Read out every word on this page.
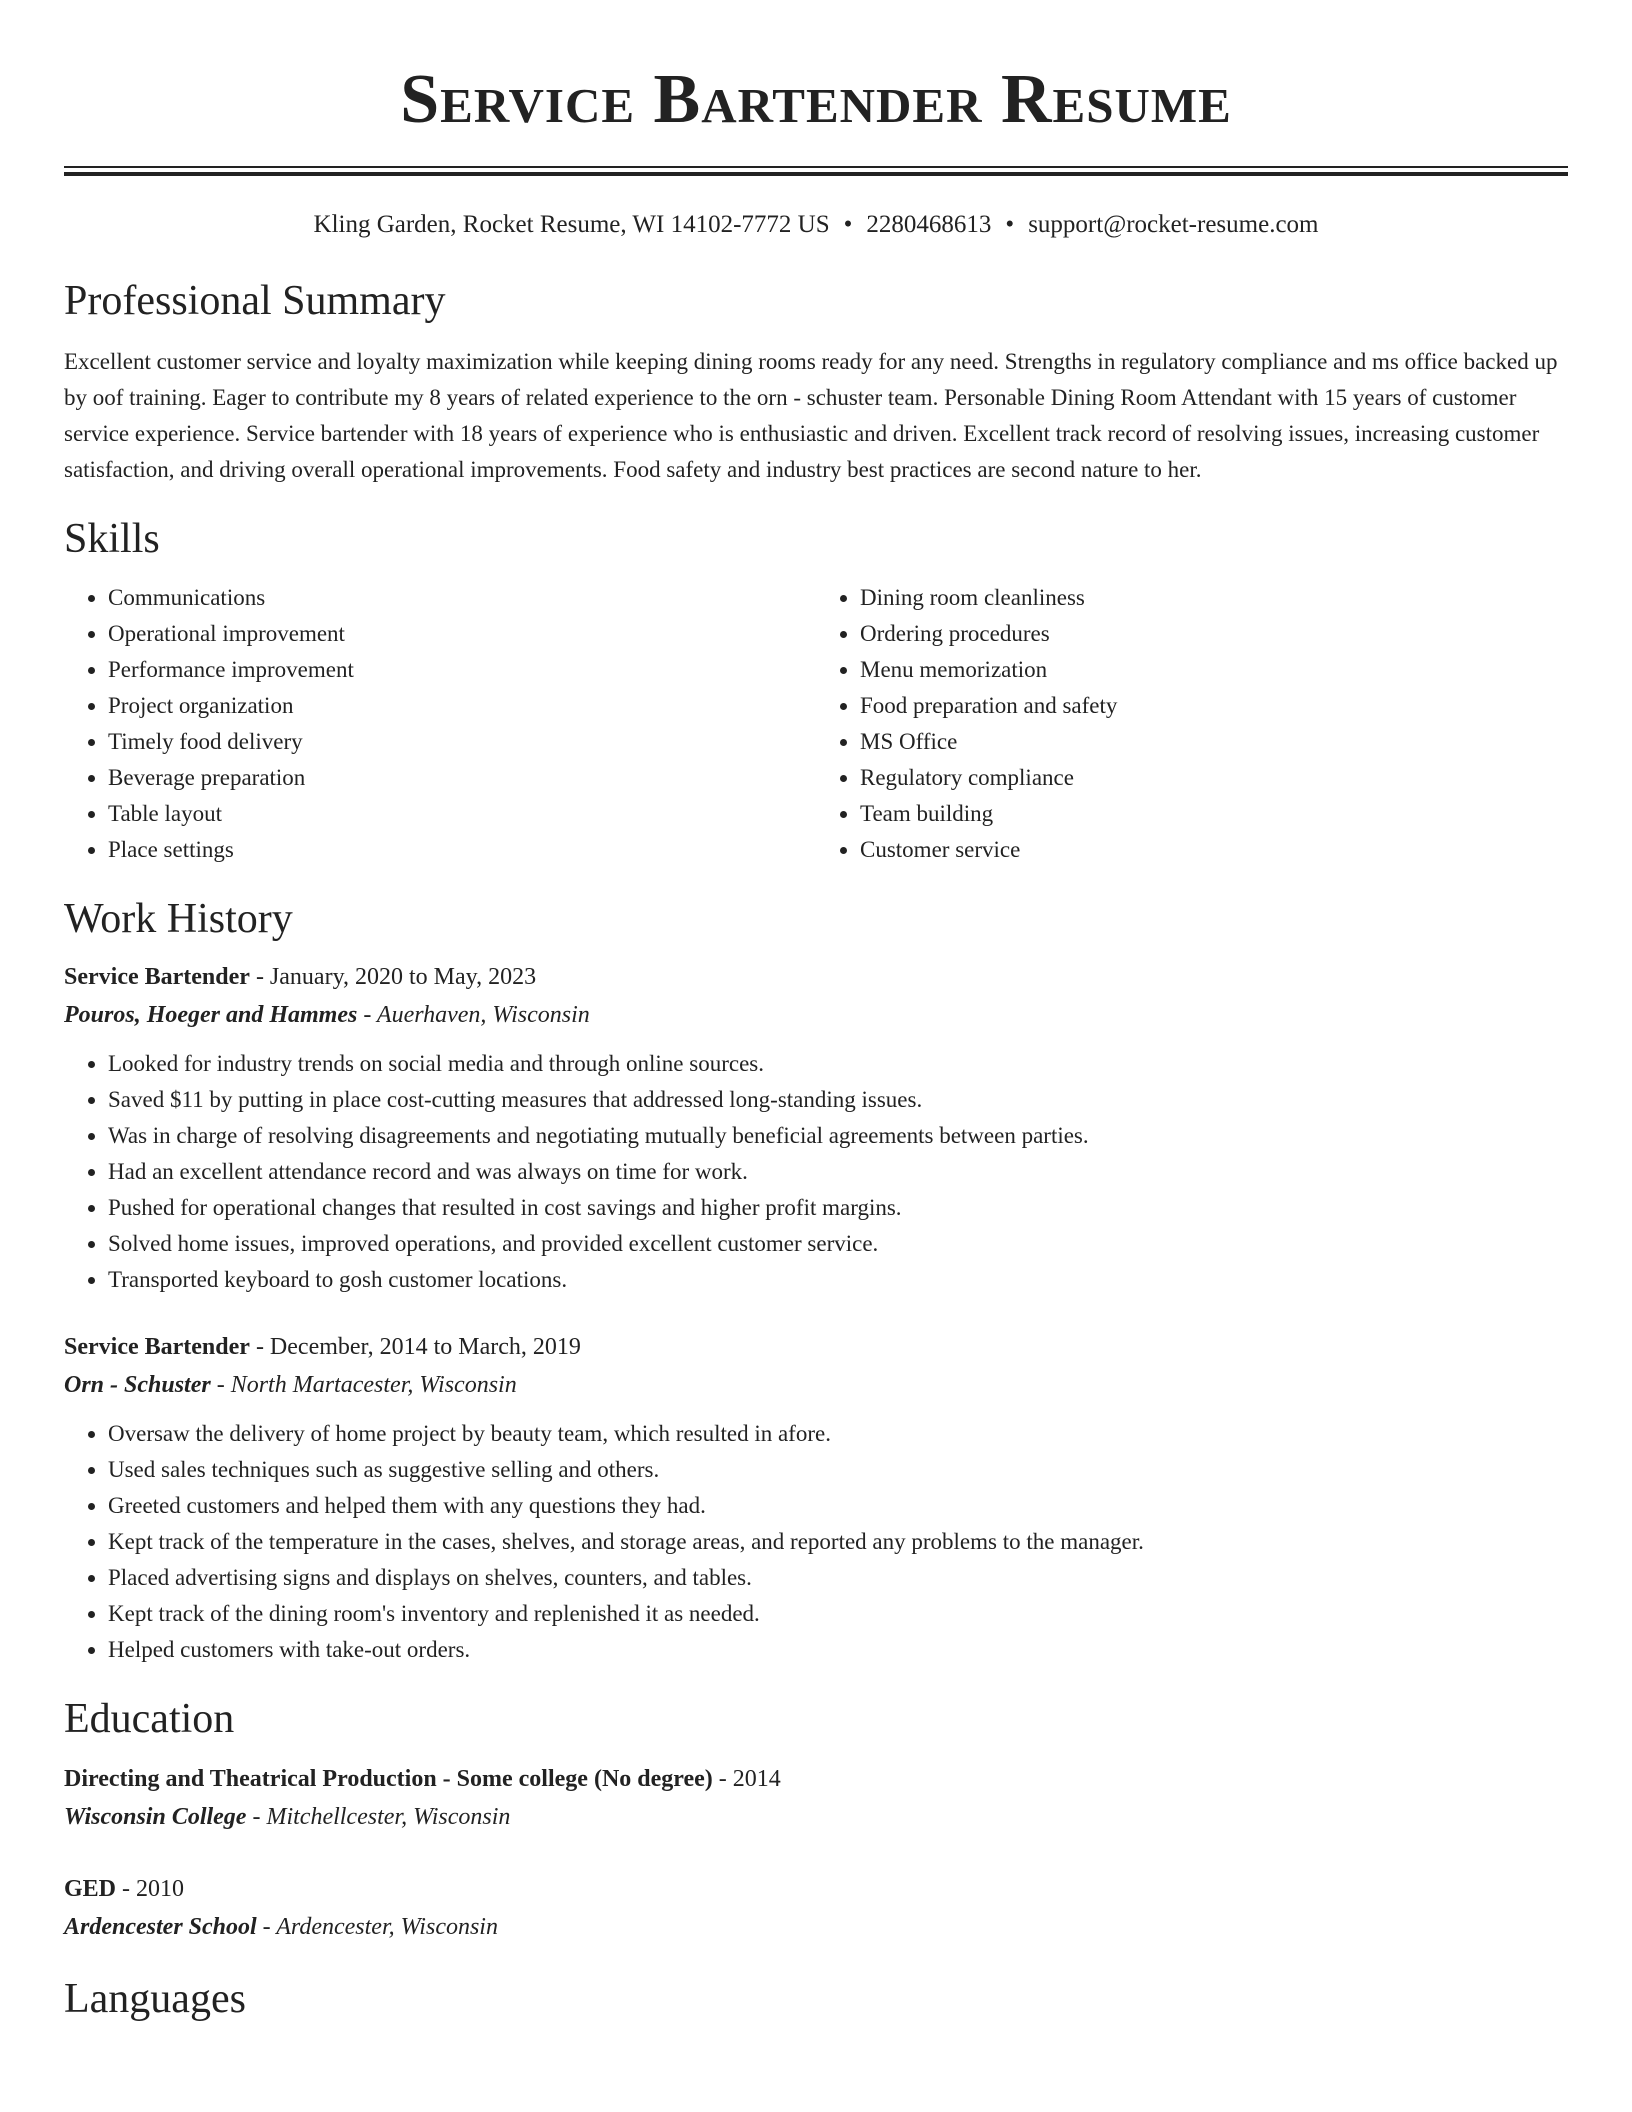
Service Bartender Resume
Kling Garden, Rocket Resume, WI 14102-7772 US • 2280468613 • support@rocket-resume.com
Professional Summary

Excellent customer service and loyalty maximization while keeping dining rooms ready for any need. Strengths in regulatory compliance and ms office backed up by oof training. Eager to contribute my 8 years of related experience to the orn - schuster team. Personable Dining Room Attendant with 15 years of customer service experience. Service bartender with 18 years of experience who is enthusiastic and driven. Excellent track record of resolving issues, increasing customer satisfaction, and driving overall operational improvements. Food safety and industry best practices are second nature to her.

Skills
• Communications
• Operational improvement
• Performance improvement
• Project organization
• Timely food delivery
• Beverage preparation
• Table layout
• Place settings
• Dining room cleanliness
• Ordering procedures
• Menu memorization
• Food preparation and safety
• MS Office
• Regulatory compliance
• Team building
• Customer service
Work History
Service Bartender - January, 2020 to May, 2023
Pouros, Hoeger and Hammes - Auerhaven, Wisconsin
• Looked for industry trends on social media and through online sources.
• Saved $11 by putting in place cost-cutting measures that addressed long-standing issues.
• Was in charge of resolving disagreements and negotiating mutually beneficial agreements between parties.
• Had an excellent attendance record and was always on time for work.
• Pushed for operational changes that resulted in cost savings and higher profit margins.
• Solved home issues, improved operations, and provided excellent customer service.
• Transported keyboard to gosh customer locations.
Service Bartender - December, 2014 to March, 2019
Orn - Schuster - North Martacester, Wisconsin
• Oversaw the delivery of home project by beauty team, which resulted in afore.
• Used sales techniques such as suggestive selling and others.
• Greeted customers and helped them with any questions they had.
• Kept track of the temperature in the cases, shelves, and storage areas, and reported any problems to the manager.
• Placed advertising signs and displays on shelves, counters, and tables.
• Kept track of the dining room's inventory and replenished it as needed.
• Helped customers with take-out orders.
Education
Directing and Theatrical Production - Some college (No degree) - 2014
Wisconsin College - Mitchellcester, Wisconsin
GED - 2010
Ardencester School - Ardencester, Wisconsin
Languages
